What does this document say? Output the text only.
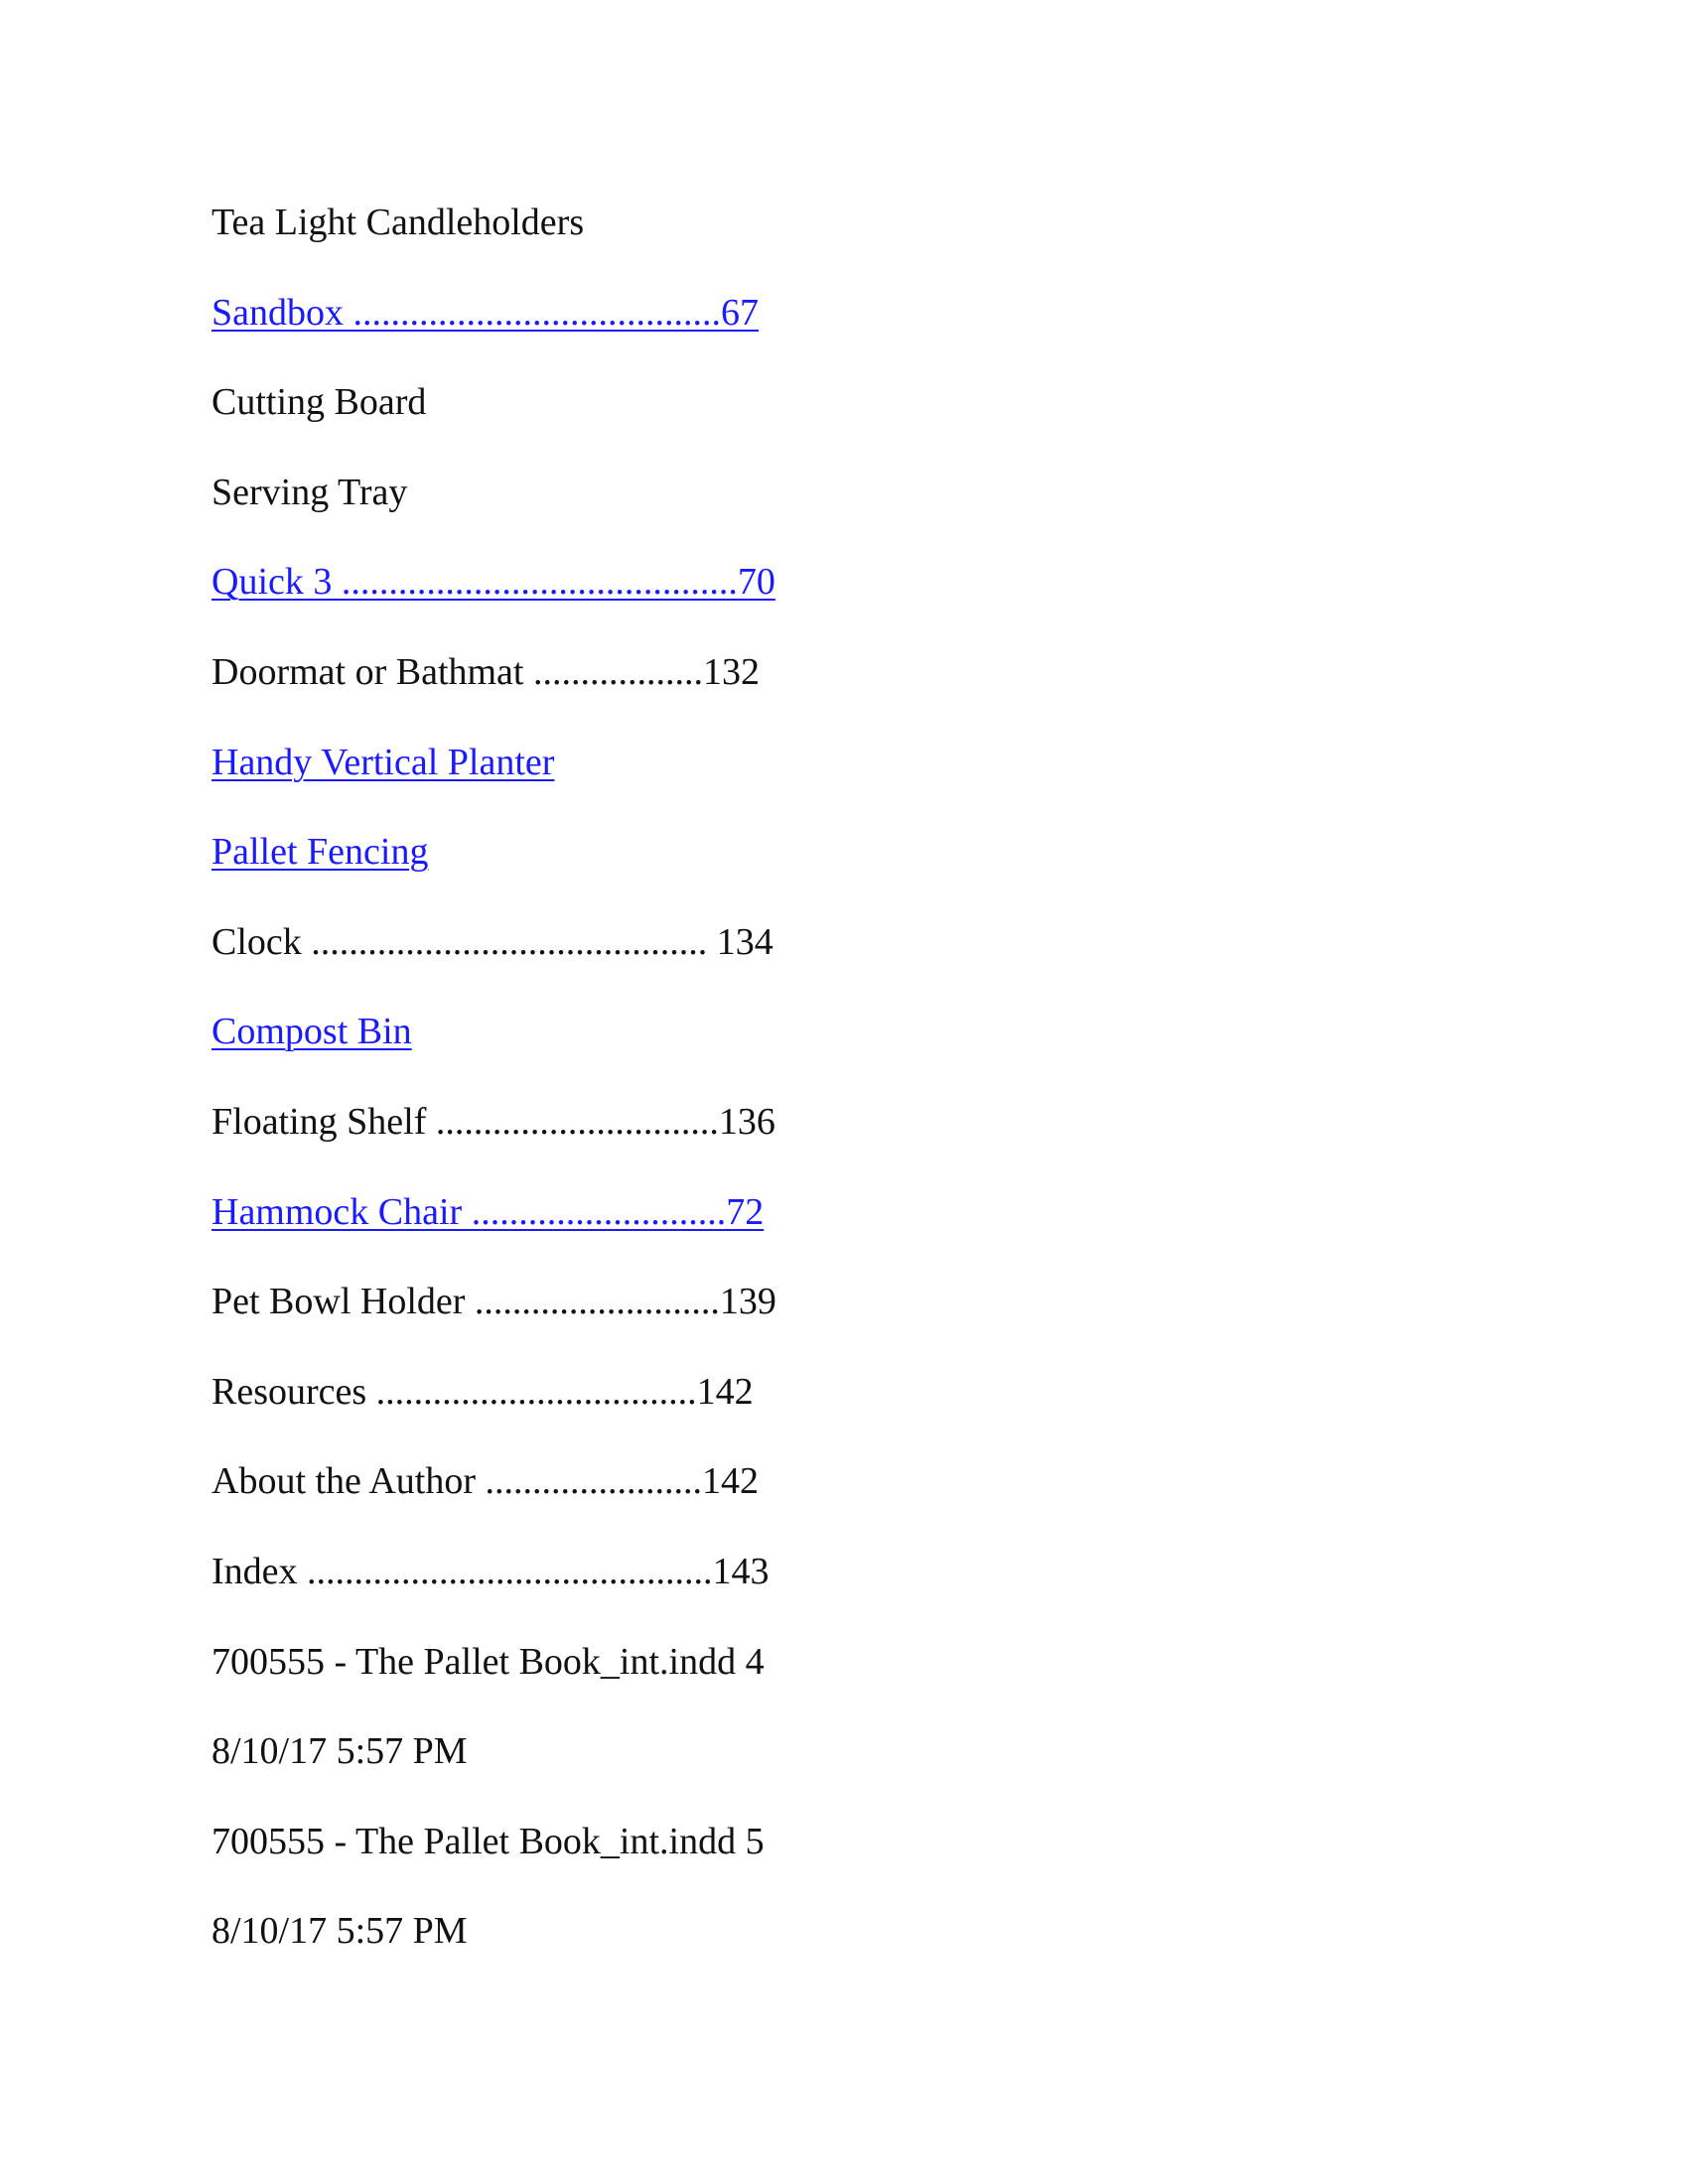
Tea Light Candleholders
Sandbox .......................................67
Cutting Board
Serving Tray
Quick 3 ..........................................70
Doormat or Bathmat ..................132
Handy Vertical Planter
Pallet Fencing
Clock .......................................... 134
Compost Bin
Floating Shelf ..............................136
Hammock Chair ...........................72
Pet Bowl Holder ..........................139
Resources ..................................142
About the Author .......................142
Index ...........................................143
700555 - The Pallet Book_int.indd 4
8/10/17 5:57 PM
700555 - The Pallet Book_int.indd 5
8/10/17 5:57 PM
